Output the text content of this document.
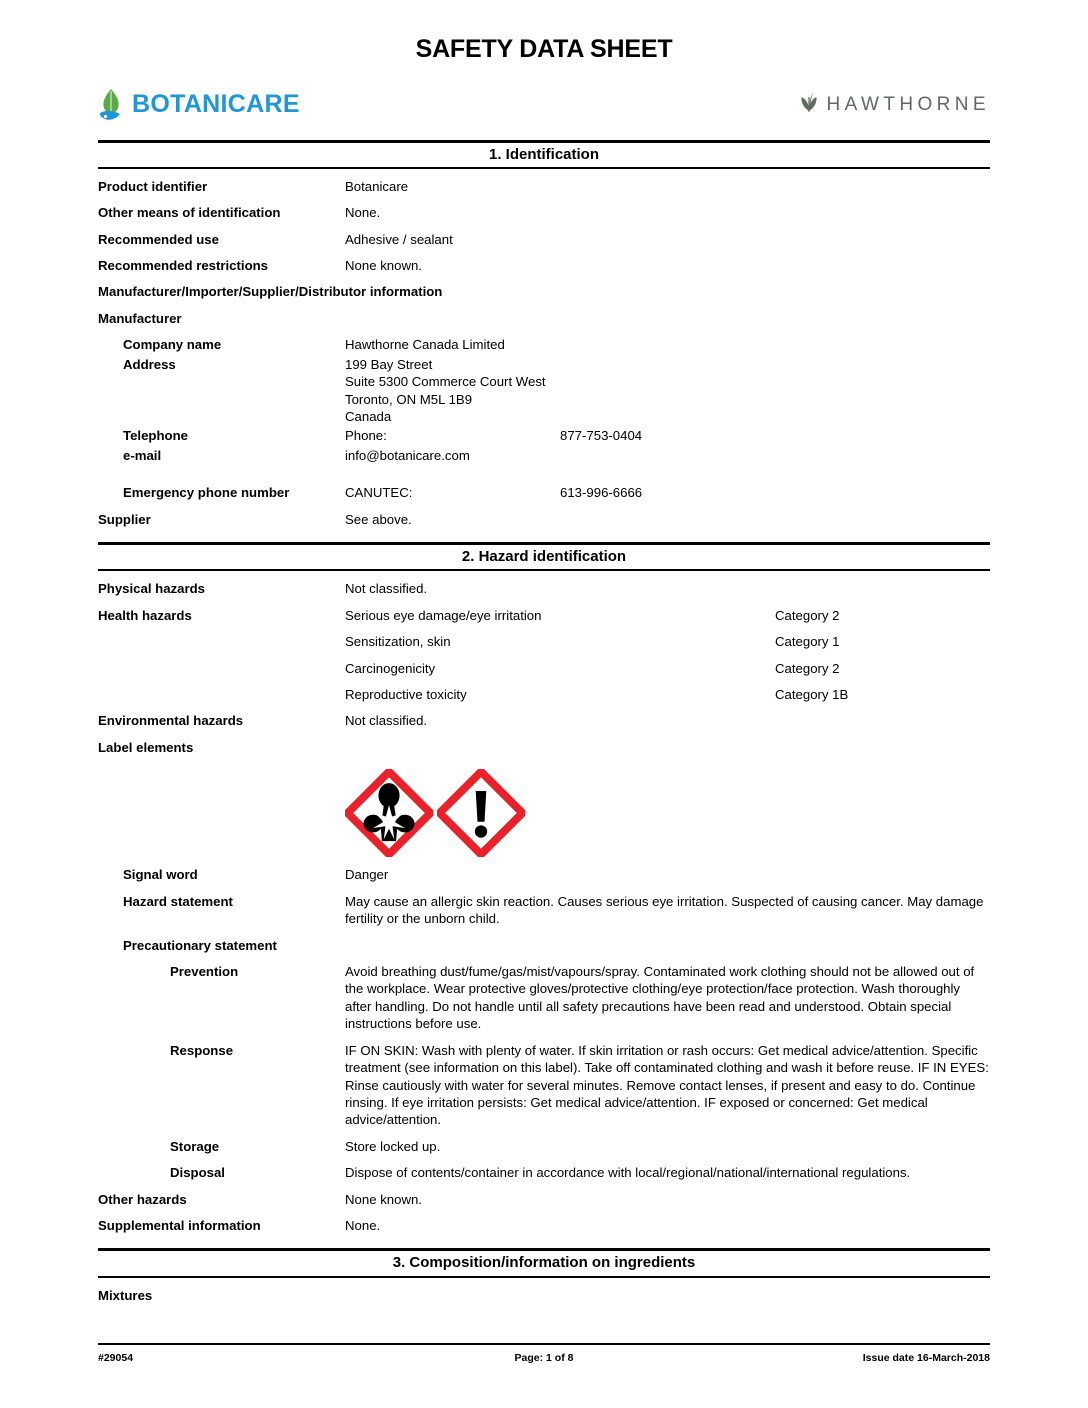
SAFETY DATA SHEET
BOTANICARE	HAWTHORNE
1. Identification
Product identifier	Botanicare
Other means of identification	None.
Recommended use	Adhesive / sealant
Recommended restrictions	None known.
Manufacturer/Importer/Supplier/Distributor information
Manufacturer
Company name	Hawthorne Canada Limited
Address	199 Bay Street
Suite 5300 Commerce Court West
Toronto, ON M5L 1B9
Canada
Telephone	Phone:	877-753-0404
e-mail	info@botanicare.com
Emergency phone number	CANUTEC:	613-996-6666
Supplier	See above.
2. Hazard identification
Physical hazards	Not classified.
Health hazards	Serious eye damage/eye irritation	Category 2
Sensitization, skin	Category 1
Carcinogenicity	Category 2
Reproductive toxicity	Category 1B
Environmental hazards	Not classified.
Label elements
Signal word	Danger
Hazard statement	May cause an allergic skin reaction. Causes serious eye irritation. Suspected of causing cancer. May damage fertility or the unborn child.
Precautionary statement
Prevention	Avoid breathing dust/fume/gas/mist/vapours/spray. Contaminated work clothing should not be allowed out of the workplace. Wear protective gloves/protective clothing/eye protection/face protection. Wash thoroughly after handling. Do not handle until all safety precautions have been read and understood. Obtain special instructions before use.
Response	IF ON SKIN: Wash with plenty of water. If skin irritation or rash occurs: Get medical advice/attention. Specific treatment (see information on this label). Take off contaminated clothing and wash it before reuse. IF IN EYES: Rinse cautiously with water for several minutes. Remove contact lenses, if present and easy to do. Continue rinsing. If eye irritation persists: Get medical advice/attention. IF exposed or concerned: Get medical advice/attention.
Storage	Store locked up.
Disposal	Dispose of contents/container in accordance with local/regional/national/international regulations.
Other hazards	None known.
Supplemental information	None.
3. Composition/information on ingredients
Mixtures
#29054	Page: 1 of 8	Issue date 16-March-2018
